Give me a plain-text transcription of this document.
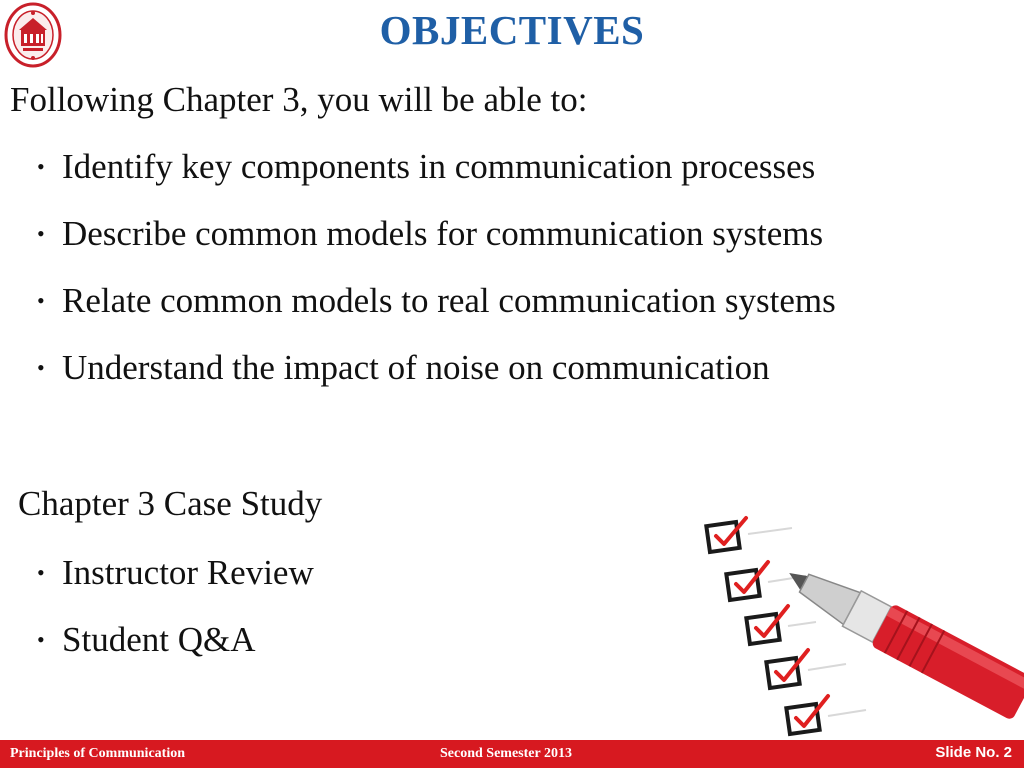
OBJECTIVES
Following Chapter 3, you will be able to:
• Identify key components in communication processes
• Describe common models for communication systems
• Relate common models to real communication systems
• Understand the impact of noise on communication
Chapter 3 Case Study
• Instructor Review
• Student Q&A
Principles of Communication	Second Semester 2013	Slide No. 2
